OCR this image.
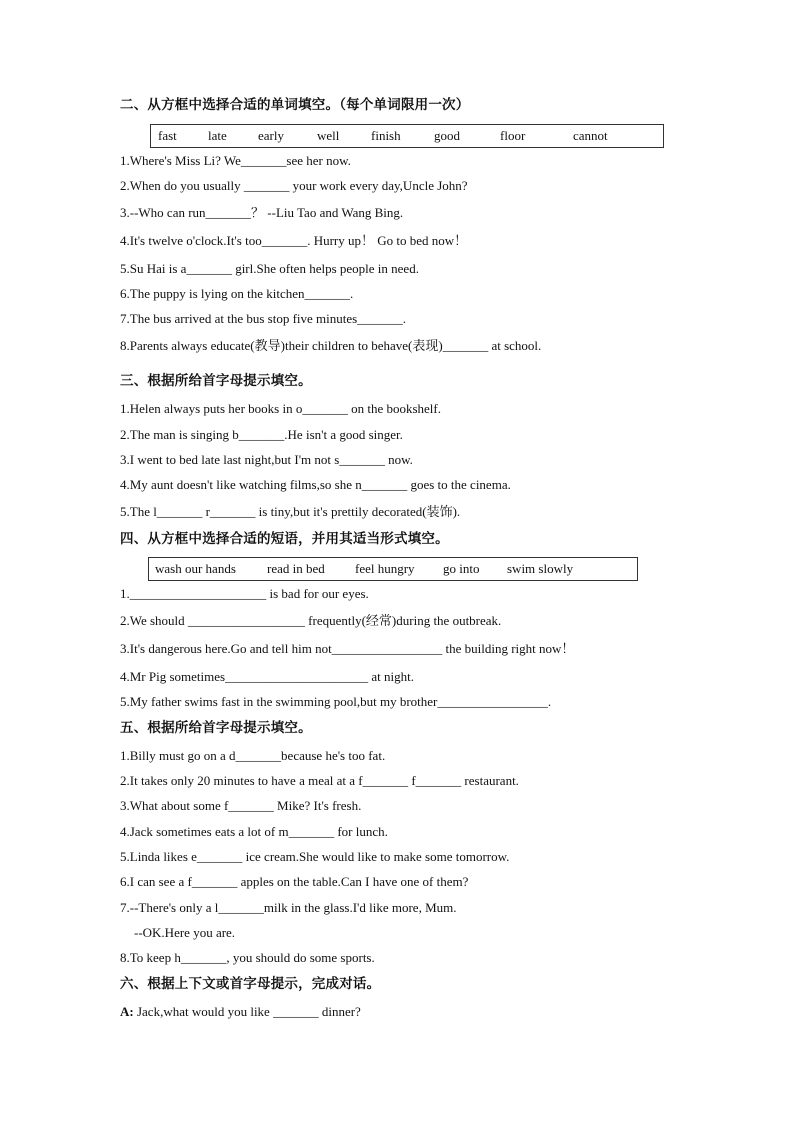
二、从方框中选择合适的单词填空。（每个单词限用一次）
fast late early	well finish	good	floor	cannot
1.Where's Miss Li? We_______see her now.
2.When do you usually _______ your work every day,Uncle John?
3.--Who can run_______？ --Liu Tao and Wang Bing.
4.It's twelve o'clock.It's too_______. Hurry up！ Go to bed now！
5.Su Hai is a_______ girl.She often helps people in need.
6.The puppy is lying on the kitchen_______.
7.The bus arrived at the bus stop five minutes_______.
8.Parents always educate(教导)their children to behave(表现)_______ at school.
三、根据所给首字母提示填空。
1.Helen always puts her books in o_______ on the bookshelf.
2.The man is singing b_______.He isn't a good singer.
3.I went to bed late last night,but I'm not s_______ now.
4.My aunt doesn't like watching films,so she n_______ goes to the cinema.
5.The l_______ r_______ is tiny,but it's prettily decorated(装饰).
四、从方框中选择合适的短语，并用其适当形式填空。
wash our hands read in bed feel hungry go into swim slowly
1._____________________ is bad for our eyes.
2.We should __________________ frequently(经常)during the outbreak.
3.It's dangerous here.Go and tell him not_________________ the building right now！
4.Mr Pig sometimes______________________ at night.
5.My father swims fast in the swimming pool,but my brother_________________.
五、根据所给首字母提示填空。
1.Billy must go on a d_______because he's too fat.
2.It takes only 20 minutes to have a meal at a f_______ f_______ restaurant.
3.What about some f_______ Mike? It's fresh.
4.Jack sometimes eats a lot of m_______ for lunch.
5.Linda likes e_______ ice cream.She would like to make some tomorrow.
6.I can see a f_______ apples on the table.Can I have one of them?
7.--There's only a l_______milk in the glass.I'd like more, Mum.
--OK.Here you are.
8.To keep h_______, you should do some sports.
六、根据上下文或首字母提示，完成对话。
A: Jack,what would you like _______ dinner?
